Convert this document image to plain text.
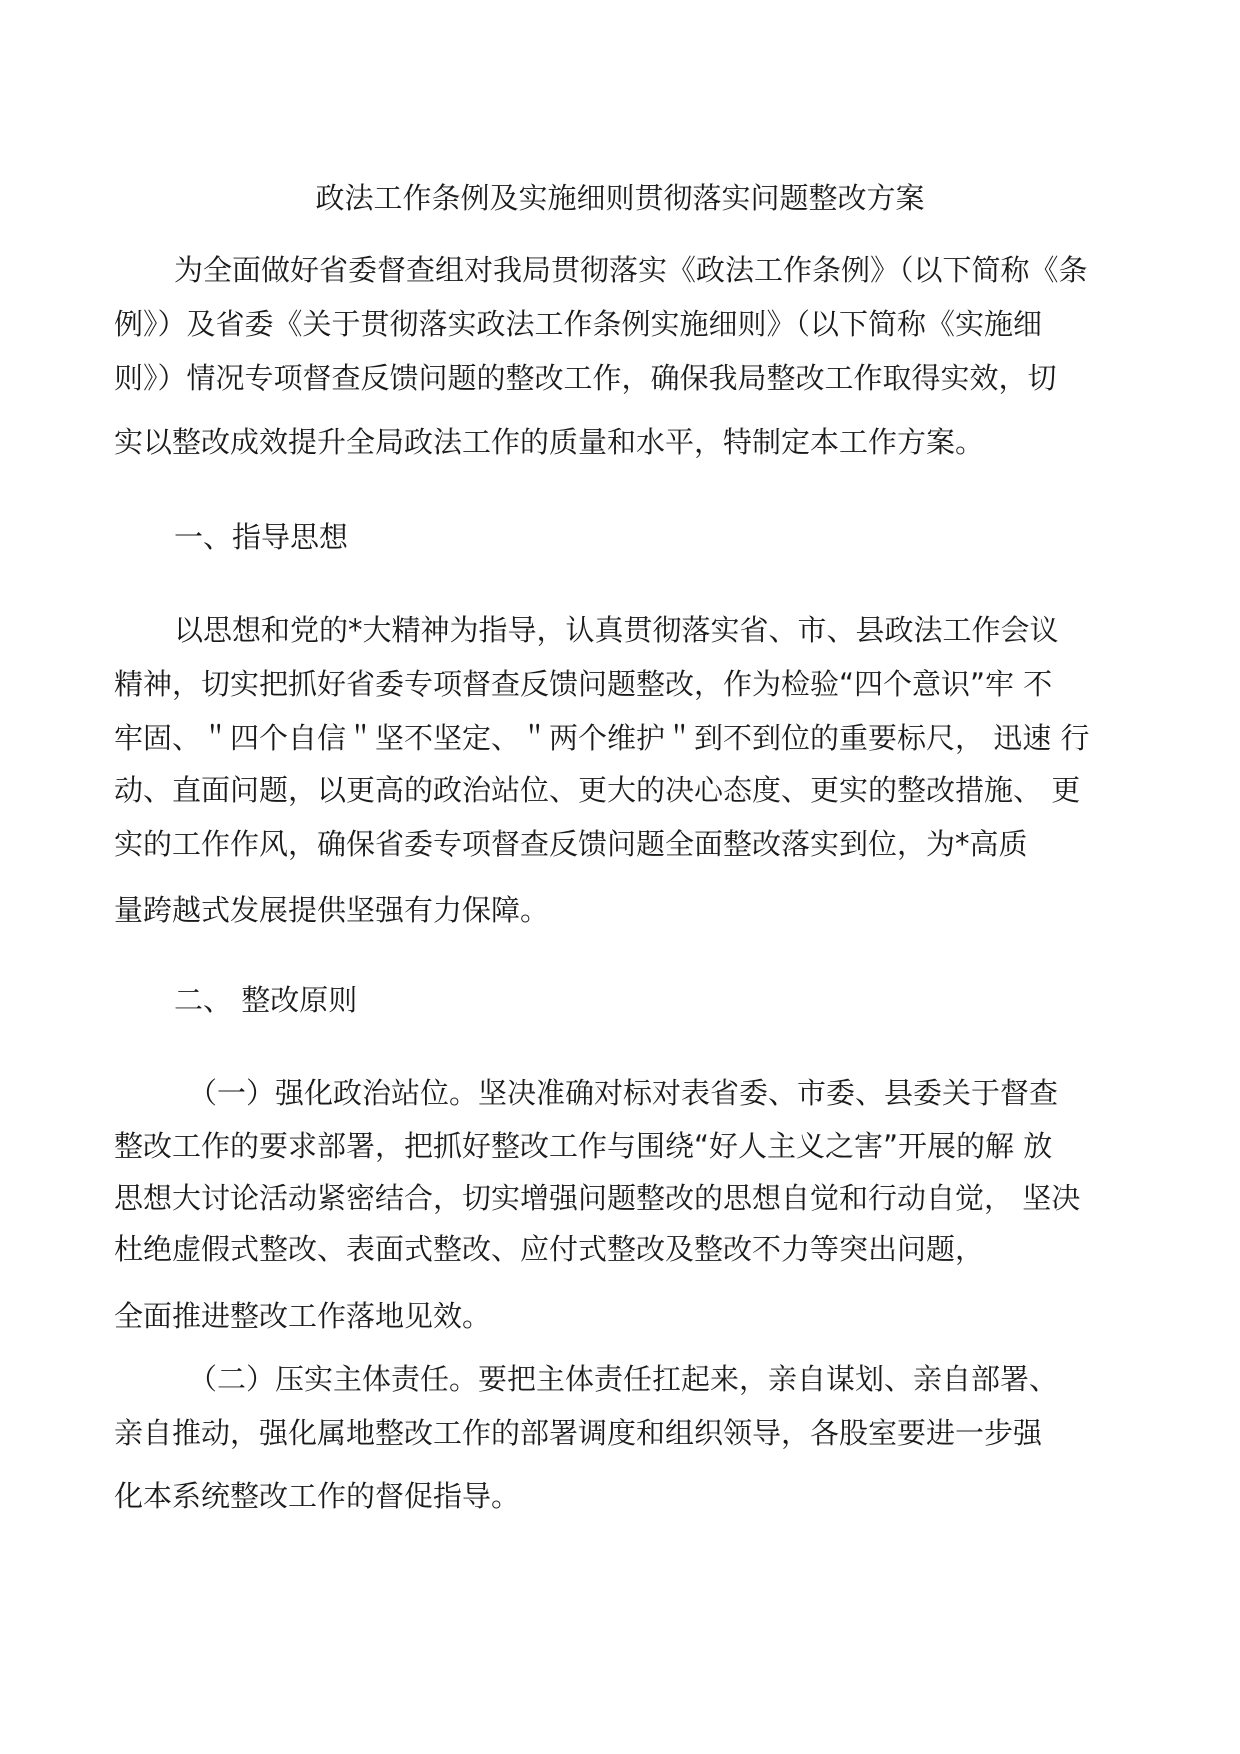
政法工作条例及实施细则贯彻落实问题整改方案

为全面做好省委督查组对我局贯彻落实《政法工作条例》（以下简称《条

例》）及省委《关于贯彻落实政法工作条例实施细则》（以下简称《实施细

则》）情况专项督查反馈问题的整改工作，确保我局整改工作取得实效，切

实以整改成效提升全局政法工作的质量和水平，特制定本工作方案。

一、指导思想

以思想和党的*大精神为指导，认真贯彻落实省、市、县政法工作会议

精神，切实把抓好省委专项督查反馈问题整改，作为检验“四个意识”牢 不

牢固、＂四个自信＂坚不坚定、＂两个维护＂到不到位的重要标尺， 迅速 行

动、直面问题，以更高的政治站位、更大的决心态度、更实的整改措施、 更

实的工作作风，确保省委专项督查反馈问题全面整改落实到位，为*高质

量跨越式发展提供坚强有力保障。

二、 整改原则

（一）强化政治站位。坚决准确对标对表省委、市委、县委关于督查

整改工作的要求部署，把抓好整改工作与围绕“好人主义之害”开展的解 放

思想大讨论活动紧密结合，切实增强问题整改的思想自觉和行动自觉， 坚决

杜绝虚假式整改、表面式整改、应付式整改及整改不力等突出问题，

全面推进整改工作落地见效。

（二）压实主体责任。要把主体责任扛起来，亲自谋划、亲自部署、

亲自推动，强化属地整改工作的部署调度和组织领导，各股室要进一步强

化本系统整改工作的督促指导。
